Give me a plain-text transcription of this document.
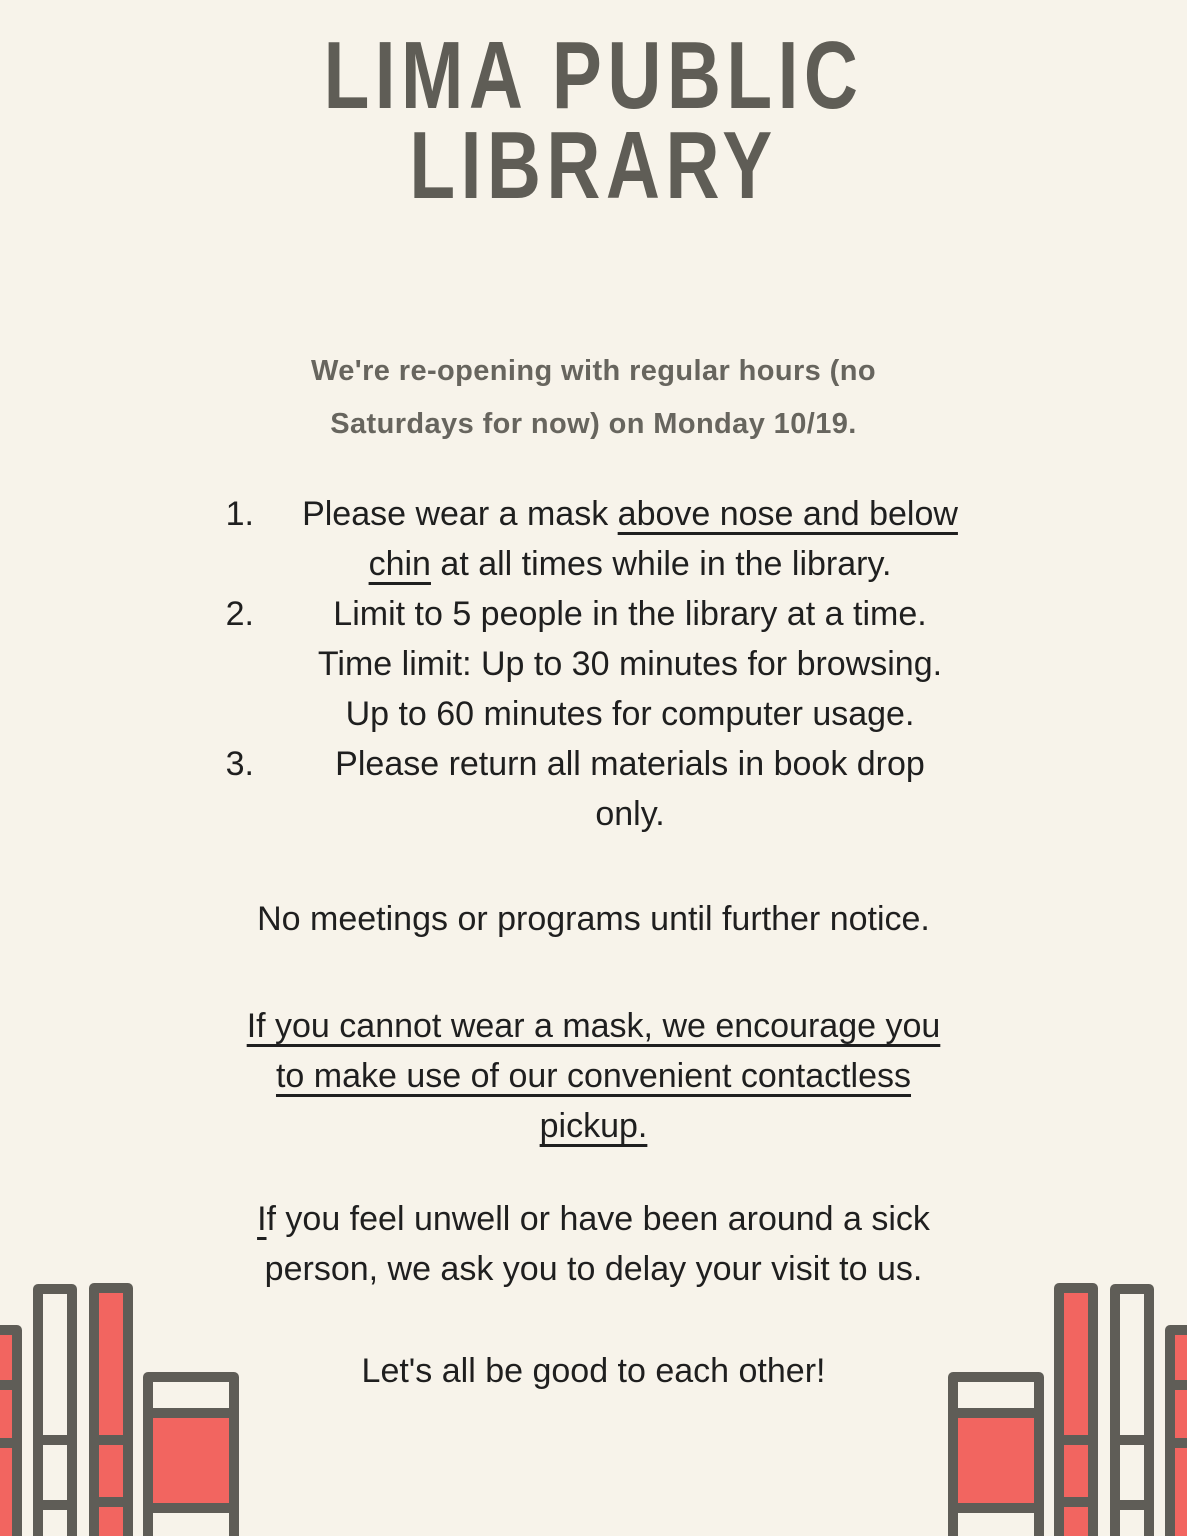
LIMA PUBLIC
LIBRARY
We're re-opening with regular hours (no
Saturdays for now) on Monday 10/19.
1.	Please wear a mask above nose and below
chin at all times while in the library.
2.	Limit to 5 people in the library at a time.
Time limit: Up to 30 minutes for browsing.
Up to 60 minutes for computer usage.
3.	Please return all materials in book drop
only.
No meetings or programs until further notice.
If you cannot wear a mask, we encourage you
to make use of our convenient contactless
pickup.
If you feel unwell or have been around a sick
person, we ask you to delay your visit to us.
Let's all be good to each other!
